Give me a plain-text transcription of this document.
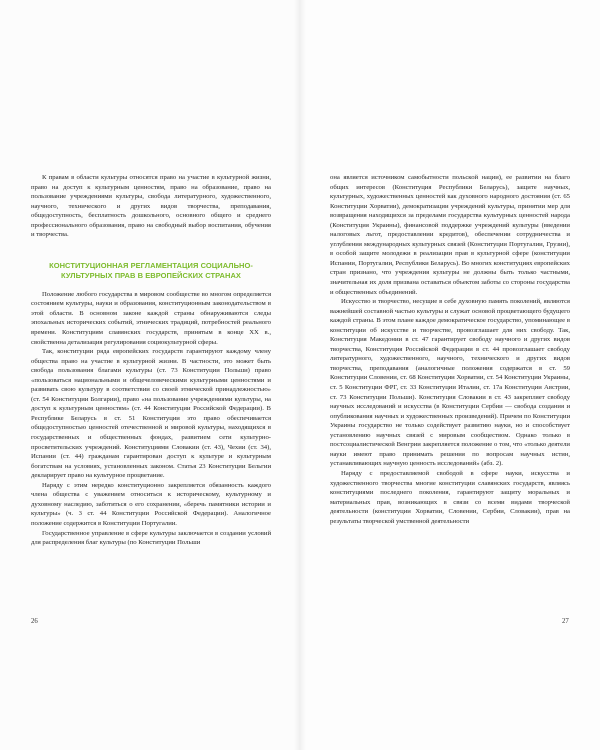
К правам в области культуры относятся право на участие в культурной жизни, право на доступ к культурным ценностям, право на образование, право на пользование учреждениями культуры, свобода литературного, художественного, научного, технического и других видов творчества, преподавания, общедоступность, бесплатность дошкольного, основного общего и среднего профессионального образования, право на свободный выбор воспитания, обучения и творчества.

КОНСТИТУЦИОННАЯ РЕГЛАМЕНТАЦИЯ СОЦИАЛЬНО-КУЛЬТУРНЫХ ПРАВ В ЕВРОПЕЙСКИХ СТРАНАХ

Положение любого государства в мировом сообществе во многом определяется состоянием культуры, науки и образования, конституционным законодательством в этой области. В основном законе каждой страны обнаруживаются следы эпохальных исторических событий, этнических традиций, потребностей реального времени. Конституциям славянских государств, принятым в конце XX в., свойственна детализация регулирования социокультурной сферы.

Так, конституции ряда европейских государств гарантируют каждому члену общества право на участие в культурной жизни. В частности, это может быть свобода пользования благами культуры (ст. 73 Конституции Польши) право «пользоваться национальными и общечеловеческими культурными ценностями и развивать свою культуру в соответствии со своей этнической принадлежностью» (ст. 54 Конституции Болгарии), право «на пользование учреждениями культуры, на доступ к культурным ценностям» (ст. 44 Конституции Российской Федерации). В Республике Беларусь в ст. 51 Конституции это право обеспечивается общедоступностью ценностей отечественной и мировой культуры, находящихся в государственных и общественных фондах, развитием сети культурно-просветительских учреждений. Конституциями Словакии (ст. 43), Чехии (ст. 34), Испании (ст. 44) гражданам гарантирован доступ к культуре и культурным богатствам на условиях, установленных законом. Статья 23 Конституции Бельгии декларирует право на культурное процветание.

Наряду с этим нередко конституционно закрепляется обязанность каждого члена общества с уважением относиться к историческому, культурному и духовному наследию, заботиться о его сохранении, «беречь памятники истории и культуры» (ч. 3 ст. 44 Конституции Российской Федерации). Аналогичное положение содержится в Конституции Португалии.

Государственное управление в сфере культуры заключается в создании условий для распределения благ культуры (по Конституции Польши

26

она является источником самобытности польской нации), ее развитии на благо общих интересов (Конституция Республики Беларусь), защите научных, культурных, художественных ценностей как духовного народного достояния (ст. 65 Конституции Хорватии), демократизации учреждений культуры, принятии мер для возвращения находящихся за пределами государства культурных ценностей народа (Конституция Украины), финансовой поддержке учреждений культуры (введении налоговых льгот, предоставлении кредитов), обеспечении сотрудничества и углубления международных культурных связей (Конституции Португалии, Грузии), в особой защите молодежи в реализации прав в культурной сфере (конституции Испании, Португалии, Республики Беларусь). Во многих конституциях европейских стран признано, что учреждения культуры не должны быть только частными, значительная их доля призвана оставаться объектом заботы со стороны государства и общественных объединений.

Искусство и творчество, несущие в себе духовную память поколений, являются важнейшей составной частью культуры и служат основой процветающего будущего каждой страны. В этом плане каждое демократическое государство, упоминающее в конституции об искусстве и творчестве, провозглашает для них свободу. Так, Конституция Македонии в ст. 47 гарантирует свободу научного и других видов творчества, Конституция Российской Федерации в ст. 44 провозглашает свободу литературного, художественного, научного, технического и других видов творчества, преподавания (аналогичные положения содержатся в ст. 59 Конституции Словении, ст. 68 Конституции Хорватии, ст. 54 Конституции Украины, ст. 5 Конституции ФРГ, ст. 33 Конституции Италии, ст. 17а Конституции Австрии, ст. 73 Конституции Польши). Конституция Словакии в ст. 43 закрепляет свободу научных исследований и искусства (в Конституции Сербии — свобода создания и опубликования научных и художественных произведений). Причем по Конституции Украины государство не только содействует развитию науки, но и способствует установлению научных связей с мировым сообществом. Однако только в постсоциалистической Венгрии закрепляется положение о том, что «только деятели науки имеют право принимать решения по вопросам научных истин, устанавливающих научную ценность исследований» (абз. 2).

Наряду с предоставляемой свободой в сфере науки, искусства и художественного творчества многие конституции славянских государств, являясь конституциями последнего поколения, гарантируют защиту моральных и материальных прав, возникающих в связи со всеми видами творческой деятельности (конституции Хорватии, Словении, Сербии, Словакии), прав на результаты творческой умственной деятельности

27
